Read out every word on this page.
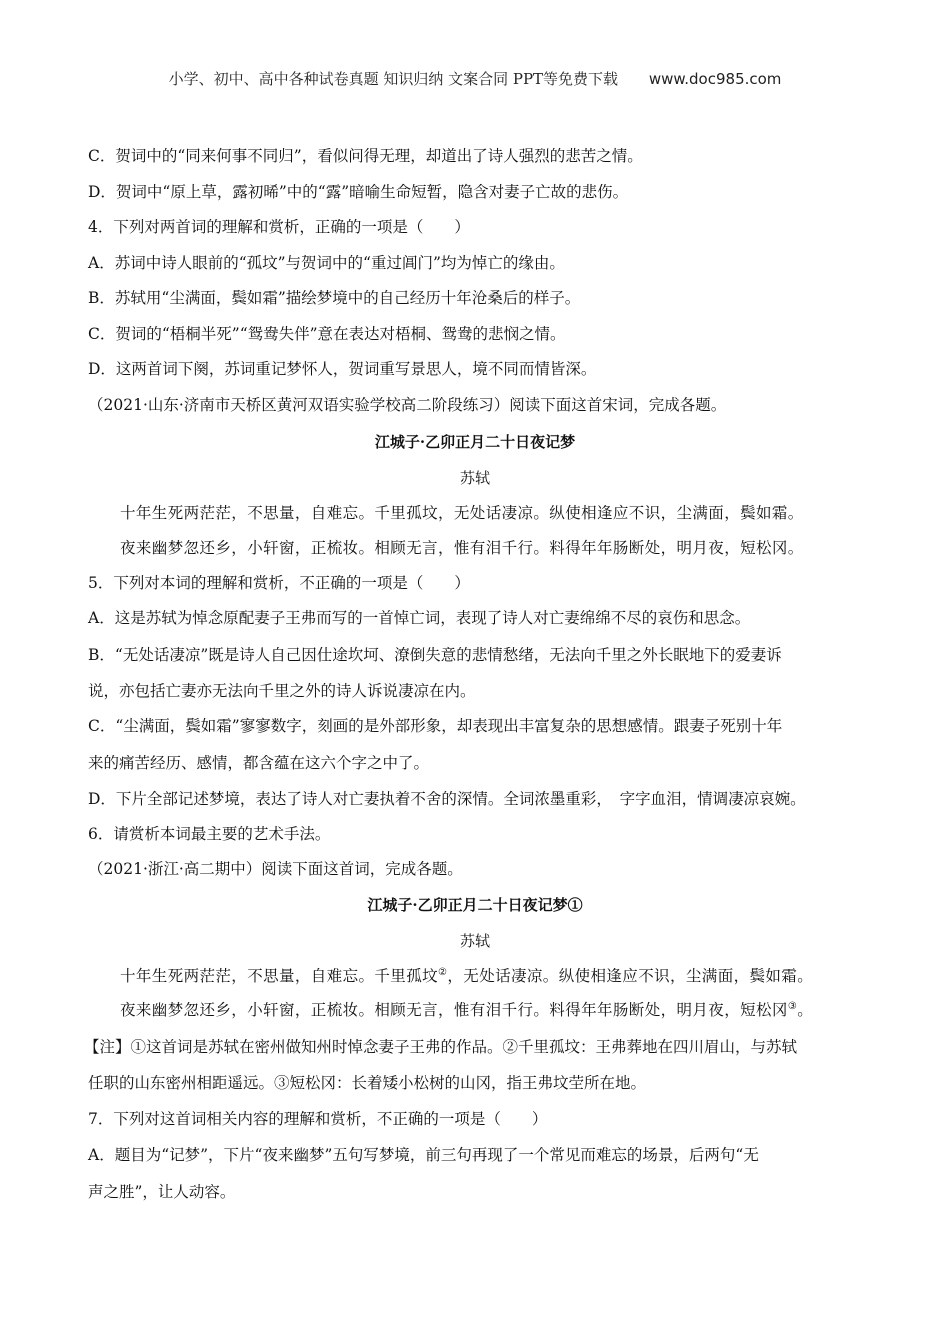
小学、初中、高中各种试卷真题 知识归纳 文案合同 PPT等免费下载 www.doc985.com
C．贺词中的“同来何事不同归”，看似问得无理，却道出了诗人强烈的悲苦之情。
D．贺词中“原上草，露初晞”中的“露”暗喻生命短暂，隐含对妻子亡故的悲伤。
4．下列对两首词的理解和赏析，正确的一项是（　　）
A．苏词中诗人眼前的“孤坟”与贺词中的“重过阊门”均为悼亡的缘由。
B．苏轼用“尘满面，鬓如霜”描绘梦境中的自己经历十年沧桑后的样子。
C．贺词的“梧桐半死”“鸳鸯失伴”意在表达对梧桐、鸳鸯的悲悯之情。
D．这两首词下阕，苏词重记梦怀人，贺词重写景思人，境不同而情皆深。
（2021·山东·济南市天桥区黄河双语实验学校高二阶段练习）阅读下面这首宋词，完成各题。
江城子·乙卯正月二十日夜记梦
苏轼
十年生死两茫茫，不思量，自难忘。千里孤坟，无处话凄凉。纵使相逢应不识，尘满面，鬓如霜。
夜来幽梦忽还乡，小轩窗，正梳妆。相顾无言，惟有泪千行。料得年年肠断处，明月夜，短松冈。
5．下列对本词的理解和赏析，不正确的一项是（　　）
A．这是苏轼为悼念原配妻子王弗而写的一首悼亡词，表现了诗人对亡妻绵绵不尽的哀伤和思念。
B．“无处话凄凉”既是诗人自己因仕途坎坷、潦倒失意的悲情愁绪，无法向千里之外长眠地下的爱妻诉
说，亦包括亡妻亦无法向千里之外的诗人诉说凄凉在内。
C．“尘满面，鬓如霜”寥寥数字，刻画的是外部形象，却表现出丰富复杂的思想感情。跟妻子死别十年
来的痛苦经历、感情，都含蕴在这六个字之中了。
D．下片全部记述梦境，表达了诗人对亡妻执着不舍的深情。全词浓墨重彩，　字字血泪，情调凄凉哀婉。
6．请赏析本词最主要的艺术手法。
（2021·浙江·高二期中）阅读下面这首词，完成各题。
江城子·乙卯正月二十日夜记梦①
苏轼
十年生死两茫茫，不思量，自难忘。千里孤坟②，无处话凄凉。纵使相逢应不识，尘满面，鬓如霜。
夜来幽梦忽还乡，小轩窗，正梳妆。相顾无言，惟有泪千行。料得年年肠断处，明月夜，短松冈③。
【注】①这首词是苏轼在密州做知州时悼念妻子王弗的作品。②千里孤坟：王弗葬地在四川眉山，与苏轼
任职的山东密州相距遥远。③短松冈：长着矮小松树的山冈，指王弗坟茔所在地。
7．下列对这首词相关内容的理解和赏析，不正确的一项是（　　）
A．题目为“记梦”，下片“夜来幽梦”五句写梦境，前三句再现了一个常见而难忘的场景，后两句“无
声之胜”，让人动容。
